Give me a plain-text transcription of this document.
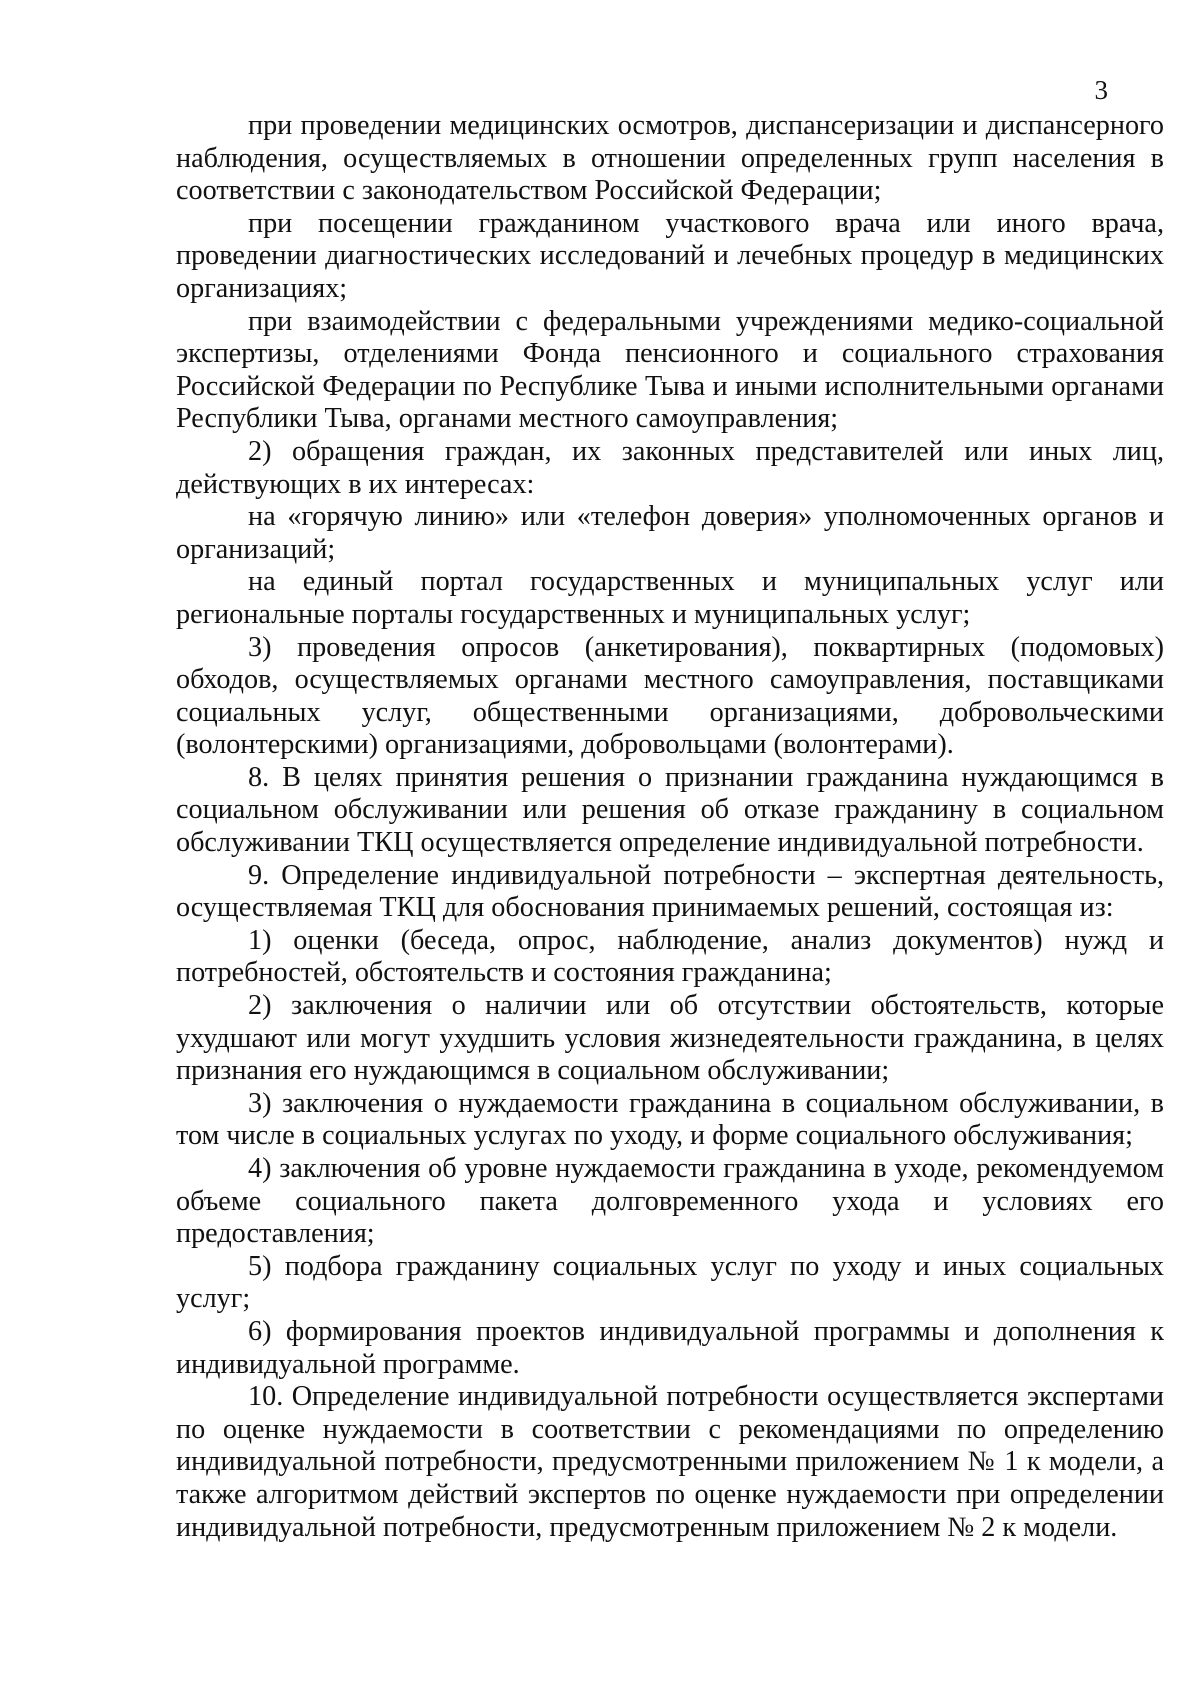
3

при проведении медицинских осмотров, диспансеризации и диспансерного наблюдения, осуществляемых в отношении определенных групп населения в соответствии с законодательством Российской Федерации;

при посещении гражданином участкового врача или иного врача, проведении диагностических исследований и лечебных процедур в медицинских организациях;

при взаимодействии с федеральными учреждениями медико-социальной экспертизы, отделениями Фонда пенсионного и социального страхования Российской Федерации по Республике Тыва и иными исполнительными органами Республики Тыва, органами местного самоуправления;

2) обращения граждан, их законных представителей или иных лиц, действующих в их интересах:

на «горячую линию» или «телефон доверия» уполномоченных органов и организаций;

на единый портал государственных и муниципальных услуг или региональные порталы государственных и муниципальных услуг;

3) проведения опросов (анкетирования), поквартирных (подомовых) обходов, осуществляемых органами местного самоуправления, поставщиками социальных услуг, общественными организациями, добровольческими (волонтерскими) организациями, добровольцами (волонтерами).

8. В целях принятия решения о признании гражданина нуждающимся в социальном обслуживании или решения об отказе гражданину в социальном обслуживании ТКЦ осуществляется определение индивидуальной потребности.

9. Определение индивидуальной потребности – экспертная деятельность, осуществляемая ТКЦ для обоснования принимаемых решений, состоящая из:

1) оценки (беседа, опрос, наблюдение, анализ документов) нужд и потребностей, обстоятельств и состояния гражданина;

2) заключения о наличии или об отсутствии обстоятельств, которые ухудшают или могут ухудшить условия жизнедеятельности гражданина, в целях признания его нуждающимся в социальном обслуживании;

3) заключения о нуждаемости гражданина в социальном обслуживании, в том числе в социальных услугах по уходу, и форме социального обслуживания;

4) заключения об уровне нуждаемости гражданина в уходе, рекомендуемом объеме социального пакета долговременного ухода и условиях его предоставления;

5) подбора гражданину социальных услуг по уходу и иных социальных услуг;

6) формирования проектов индивидуальной программы и дополнения к индивидуальной программе.

10. Определение индивидуальной потребности осуществляется экспертами по оценке нуждаемости в соответствии с рекомендациями по определению индивидуальной потребности, предусмотренными приложением № 1 к модели, а также алгоритмом действий экспертов по оценке нуждаемости при определении индивидуальной потребности, предусмотренным приложением № 2 к модели.
